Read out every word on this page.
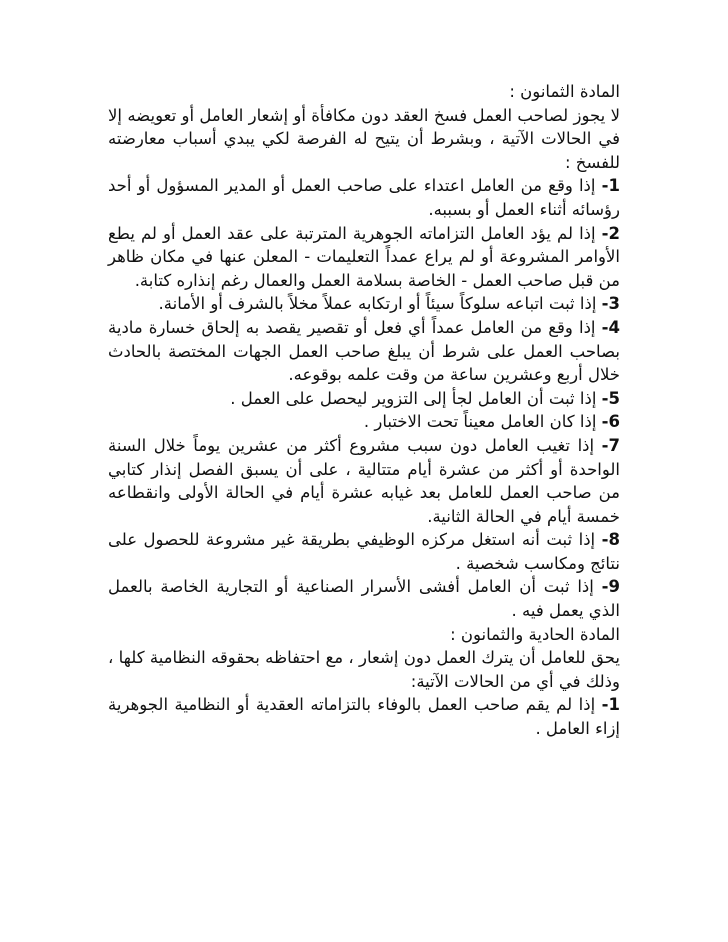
المادة الثمانون :

لا يجوز لصاحب العمل فسخ العقد دون مكافأة أو إشعار العامل أو تعويضه إلا في الحالات الآتية ، وبشرط أن يتيح له الفرصة لكي يبدي أسباب معارضته للفسخ :

1- إذا وقع من العامل اعتداء على صاحب العمل أو المدير المسؤول أو أحد رؤسائه أثناء العمل أو بسببه.

2- إذا لم يؤد العامل التزاماته الجوهرية المترتبة على عقد العمل أو لم يطع الأوامر المشروعة أو لم يراع عمداً التعليمات - المعلن عنها في مكان ظاهر من قبل صاحب العمل - الخاصة بسلامة العمل والعمال رغم إنذاره كتابة.

3- إذا ثبت اتباعه سلوكاً سيئاً أو ارتكابه عملاً مخلاً بالشرف أو الأمانة.

4- إذا وقع من العامل عمداً أي فعل أو تقصير يقصد به إلحاق خسارة مادية بصاحب العمل على شرط أن يبلغ صاحب العمل الجهات المختصة بالحادث خلال أربع وعشرين ساعة من وقت علمه بوقوعه.

5- إذا ثبت أن العامل لجأ إلى التزوير ليحصل على العمل .

6- إذا كان العامل معيناً تحت الاختبار .

7- إذا تغيب العامل دون سبب مشروع أكثر من عشرين يوماً خلال السنة الواحدة أو أكثر من عشرة أيام متتالية ، على أن يسبق الفصل إنذار كتابي من صاحب العمل للعامل بعد غيابه عشرة أيام في الحالة الأولى وانقطاعه خمسة أيام في الحالة الثانية.

8- إذا ثبت أنه استغل مركزه الوظيفي بطريقة غير مشروعة للحصول على نتائج ومكاسب شخصية .

9- إذا ثبت أن العامل أفشى الأسرار الصناعية أو التجارية الخاصة بالعمل الذي يعمل فيه .

المادة الحادية والثمانون :

يحق للعامل أن يترك العمل دون إشعار ، مع احتفاظه بحقوقه النظامية كلها ، وذلك في أي من الحالات الآتية:

1- إذا لم يقم صاحب العمل بالوفاء بالتزاماته العقدية أو النظامية الجوهرية إزاء العامل .
